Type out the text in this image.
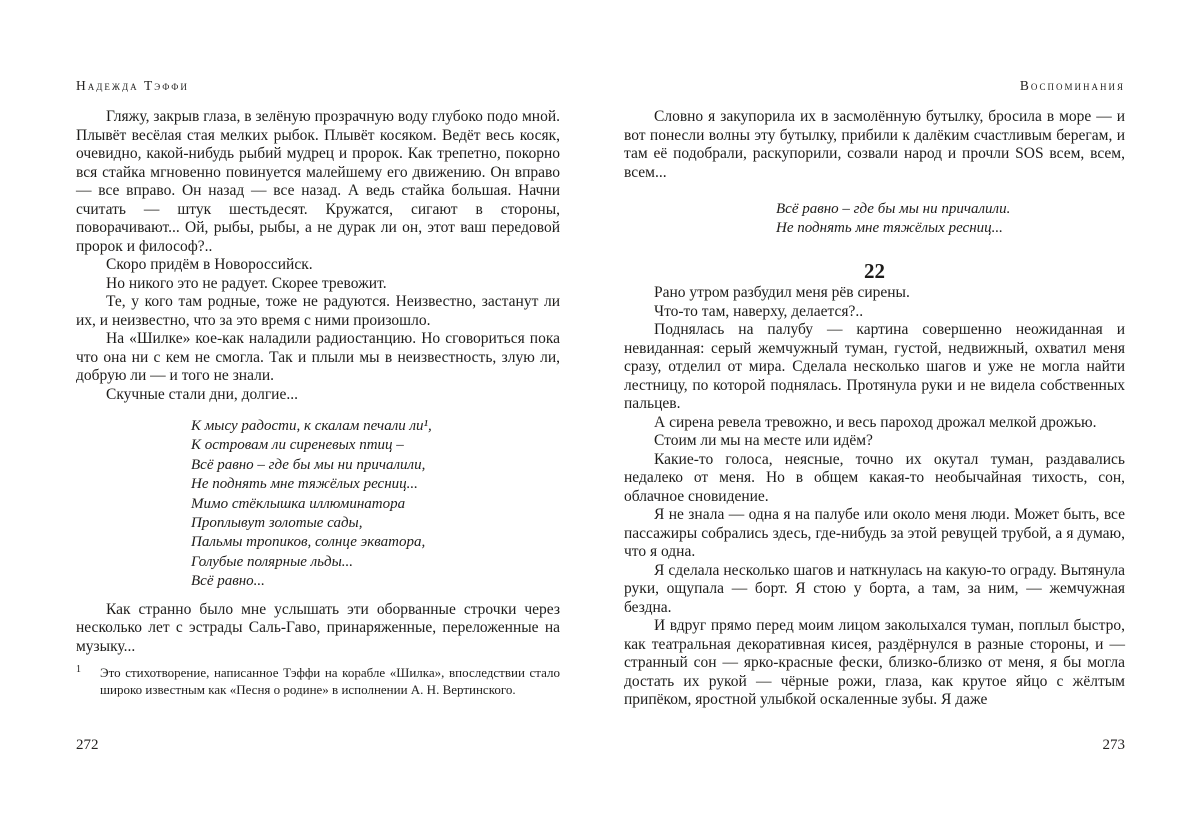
Надежда Тэффи

Гляжу, закрыв глаза, в зелёную прозрачную воду глубоко подо мной. Плывёт весёлая стая мелких рыбок. Плывёт косяком. Ведёт весь косяк, очевидно, какой-нибудь рыбий мудрец и пророк. Как трепетно, покорно вся стайка мгновенно повинуется малейшему его движению. Он вправо — все вправо. Он назад — все назад. А ведь стайка большая. Начни считать — штук шестьдесят. Кружатся, сигают в стороны, поворачивают... Ой, рыбы, рыбы, а не дурак ли он, этот ваш передовой пророк и философ?..

Скоро придём в Новороссийск.

Но никого это не радует. Скорее тревожит.

Те, у кого там родные, тоже не радуются. Неизвестно, застанут ли их, и неизвестно, что за это время с ними произошло.

На «Шилке» кое-как наладили радиостанцию. Но сговориться пока что она ни с кем не смогла. Так и плыли мы в неизвестность, злую ли, добрую ли — и того не знали.

Скучные стали дни, долгие...

К мысу радости, к скалам печали ли¹,
К островам ли сиреневых птиц –
Всё равно – где бы мы ни причалили,
Не поднять мне тяжёлых ресниц...
Мимо стёклышка иллюминатора
Проплывут золотые сады,
Пальмы тропиков, солнце экватора,
Голубые полярные льды...
Всё равно...

Как странно было мне услышать эти оборванные строчки через несколько лет с эстрады Саль-Гаво, принаряженные, переложенные на музыку...

1 Это стихотворение, написанное Тэффи на корабле «Шилка», впоследствии стало широко известным как «Песня о родине» в исполнении А. Н. Вертинского.
272
Воспоминания

Словно я закупорила их в засмолённую бутылку, бросила в море — и вот понесли волны эту бутылку, прибили к далёким счастливым берегам, и там её подобрали, раскупорили, созвали народ и прочли SOS всем, всем, всем...

Всё равно – где бы мы ни причалили.
Не поднять мне тяжёлых ресниц...
22

Рано утром разбудил меня рёв сирены.

Что-то там, наверху, делается?..

Поднялась на палубу — картина совершенно неожиданная и невиданная: серый жемчужный туман, густой, недвижный, охватил меня сразу, отделил от мира. Сделала несколько шагов и уже не могла найти лестницу, по которой поднялась. Протянула руки и не видела собственных пальцев.

А сирена ревела тревожно, и весь пароход дрожал мелкой дрожью.

Стоим ли мы на месте или идём?

Какие-то голоса, неясные, точно их окутал туман, раздавались недалеко от меня. Но в общем какая-то необычайная тихость, сон, облачное сновидение.

Я не знала — одна я на палубе или около меня люди. Может быть, все пассажиры собрались здесь, где-нибудь за этой ревущей трубой, а я думаю, что я одна.

Я сделала несколько шагов и наткнулась на какую-то ограду. Вытянула руки, ощупала — борт. Я стою у борта, а там, за ним, — жемчужная бездна.

И вдруг прямо перед моим лицом заколыхался туман, поплыл быстро, как театральная декоративная кисея, раздёрнулся в разные стороны, и — странный сон — ярко-красные фески, близко-близко от меня, я бы могла достать их рукой — чёрные рожи, глаза, как крутое яйцо с жёлтым припёком, яростной улыбкой оскаленные зубы. Я даже

273
